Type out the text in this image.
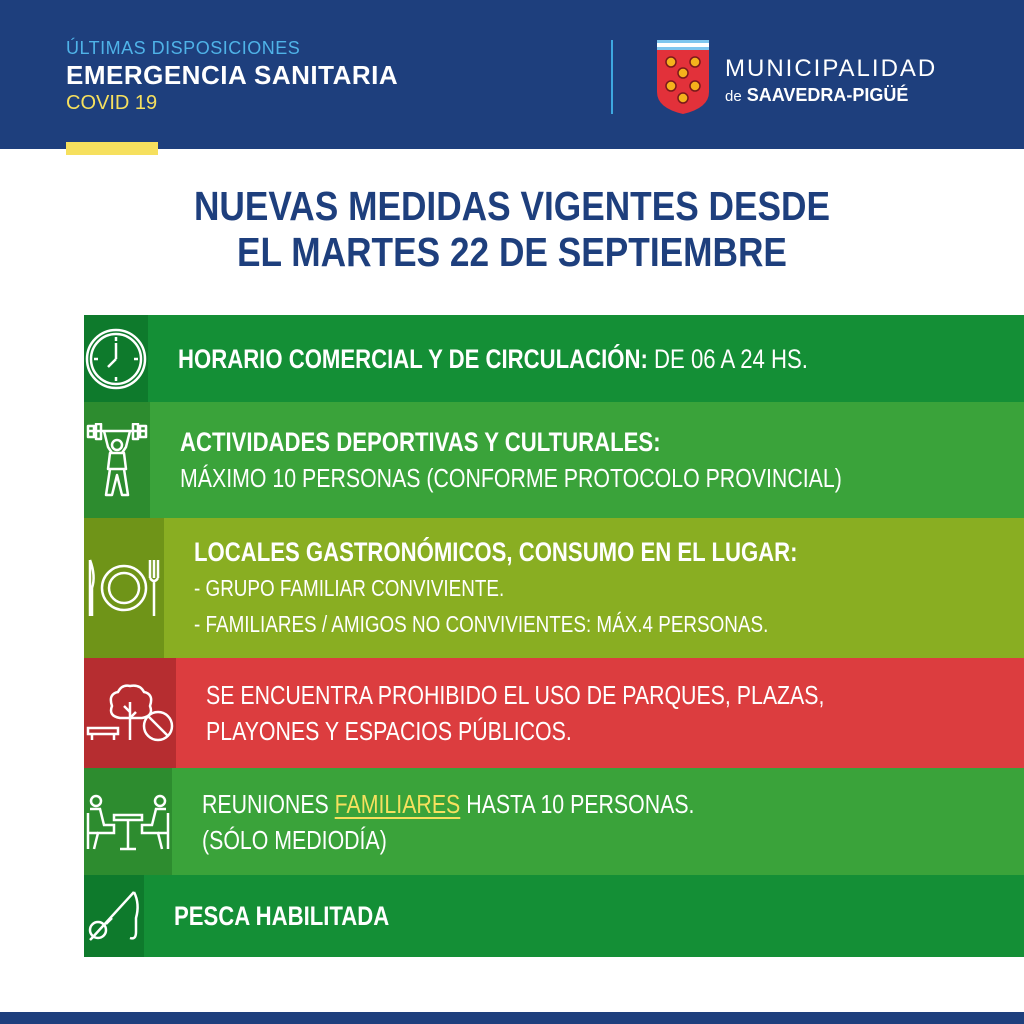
ÚLTIMAS DISPOSICIONES
EMERGENCIA SANITARIA
COVID 19
MUNICIPALIDAD
de SAAVEDRA-PIGÜÉ
NUEVAS MEDIDAS VIGENTES DESDE
EL MARTES 22 DE SEPTIEMBRE
HORARIO COMERCIAL Y DE CIRCULACIÓN: DE 06 A 24 HS.
ACTIVIDADES DEPORTIVAS Y CULTURALES:
MÁXIMO 10 PERSONAS (CONFORME PROTOCOLO PROVINCIAL)
LOCALES GASTRONÓMICOS, CONSUMO EN EL LUGAR:
- GRUPO FAMILIAR CONVIVIENTE.
- FAMILIARES / AMIGOS NO CONVIVIENTES: MÁX.4 PERSONAS.
SE ENCUENTRA PROHIBIDO EL USO DE PARQUES, PLAZAS,
PLAYONES Y ESPACIOS PÚBLICOS.
REUNIONES FAMILIARES HASTA 10 PERSONAS.
(SÓLO MEDIODÍA)
PESCA HABILITADA
